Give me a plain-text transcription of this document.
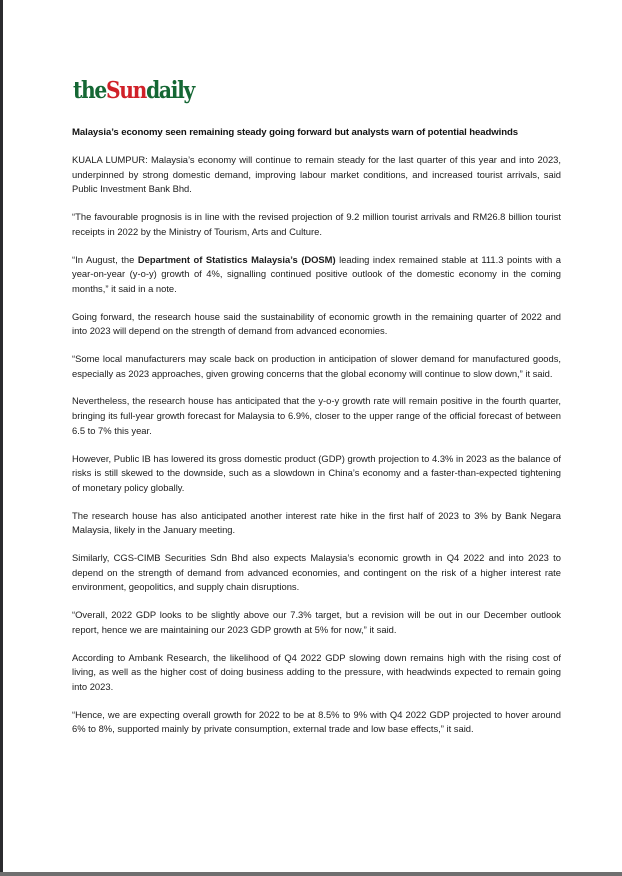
theSundaily
Malaysia’s economy seen remaining steady going forward but analysts warn of potential headwinds

KUALA LUMPUR: Malaysia’s economy will continue to remain steady for the last quarter of this year and into 2023, underpinned by strong domestic demand, improving labour market conditions, and increased tourist arrivals, said Public Investment Bank Bhd.

“The favourable prognosis is in line with the revised projection of 9.2 million tourist arrivals and RM26.8 billion tourist receipts in 2022 by the Ministry of Tourism, Arts and Culture.

“In August, the Department of Statistics Malaysia’s (DOSM) leading index remained stable at 111.3 points with a year-on-year (y-o-y) growth of 4%, signalling continued positive outlook of the domestic economy in the coming months,” it said in a note.

Going forward, the research house said the sustainability of economic growth in the remaining quarter of 2022 and into 2023 will depend on the strength of demand from advanced economies.

“Some local manufacturers may scale back on production in anticipation of slower demand for manufactured goods, especially as 2023 approaches, given growing concerns that the global economy will continue to slow down,” it said.

Nevertheless, the research house has anticipated that the y-o-y growth rate will remain positive in the fourth quarter, bringing its full-year growth forecast for Malaysia to 6.9%, closer to the upper range of the official forecast of between 6.5 to 7% this year.

However, Public IB has lowered its gross domestic product (GDP) growth projection to 4.3% in 2023 as the balance of risks is still skewed to the downside, such as a slowdown in China’s economy and a faster-than-expected tightening of monetary policy globally.

The research house has also anticipated another interest rate hike in the first half of 2023 to 3% by Bank Negara Malaysia, likely in the January meeting.

Similarly, CGS-CIMB Securities Sdn Bhd also expects Malaysia’s economic growth in Q4 2022 and into 2023 to depend on the strength of demand from advanced economies, and contingent on the risk of a higher interest rate environment, geopolitics, and supply chain disruptions.

“Overall, 2022 GDP looks to be slightly above our 7.3% target, but a revision will be out in our December outlook report, hence we are maintaining our 2023 GDP growth at 5% for now,” it said.

According to Ambank Research, the likelihood of Q4 2022 GDP slowing down remains high with the rising cost of living, as well as the higher cost of doing business adding to the pressure, with headwinds expected to remain going into 2023.

“Hence, we are expecting overall growth for 2022 to be at 8.5% to 9% with Q4 2022 GDP projected to hover around 6% to 8%, supported mainly by private consumption, external trade and low base effects,” it said.
